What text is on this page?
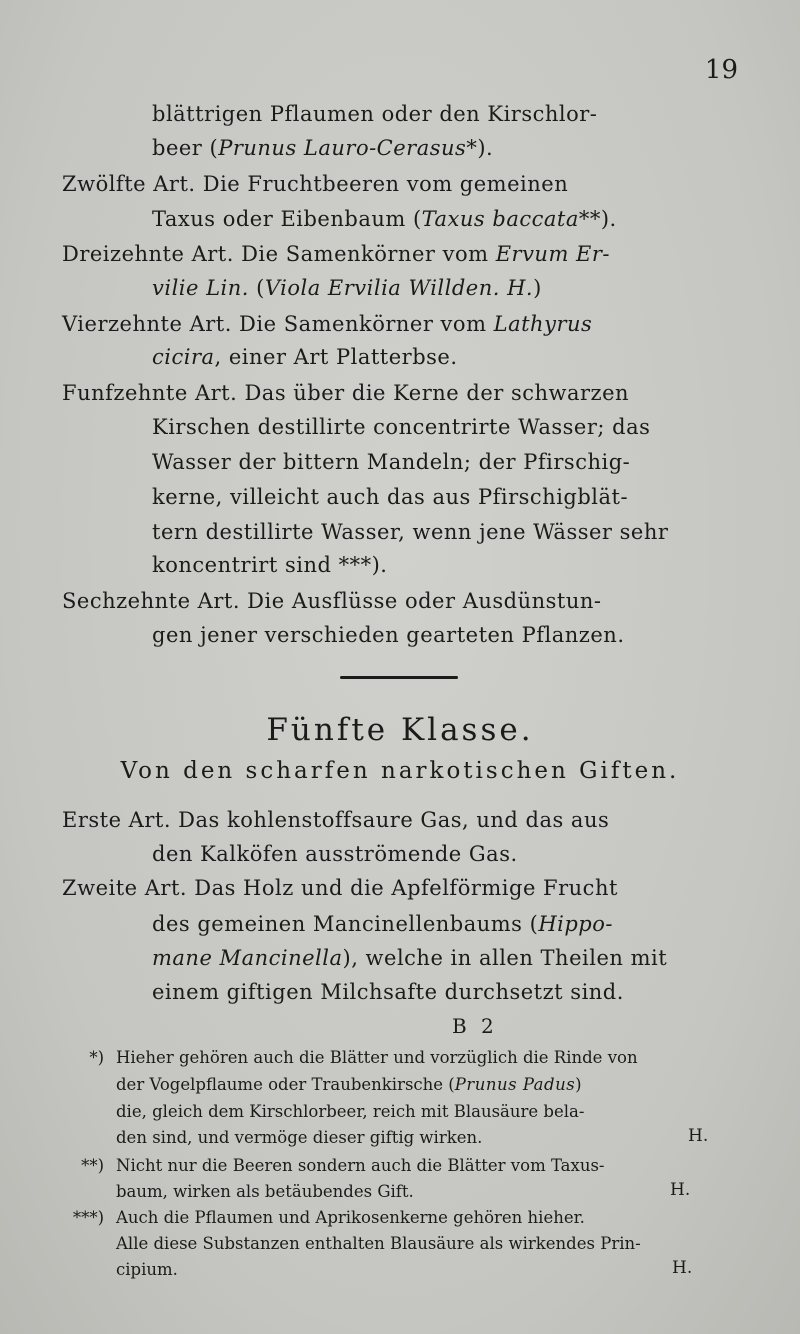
19
blättrigen Pflaumen oder den Kirschlor-
beer (Prunus Lauro-Cerasus*).
Zwölfte Art. Die Fruchtbeeren vom gemeinen
Taxus oder Eibenbaum (Taxus baccata**).
Dreizehnte Art. Die Samenkörner vom Ervum Er-
vilie Lin. (Viola Ervilia Willden. H.)
Vierzehnte Art. Die Samenkörner vom Lathyrus
cicira, einer Art Platterbse.
Funfzehnte Art. Das über die Kerne der schwarzen
Kirschen destillirte concentrirte Wasser; das
Wasser der bittern Mandeln; der Pfirschig-
kerne, villeicht auch das aus Pfirschigblät-
tern destillirte Wasser, wenn jene Wässer sehr
koncentrirt sind ***).
Sechzehnte Art. Die Ausflüsse oder Ausdünstun-
gen jener verschieden gearteten Pflanzen.
Fünfte Klasse.
Von den scharfen narkotischen Giften.
Erste Art. Das kohlenstoffsaure Gas, und das aus
den Kalköfen ausströmende Gas.
Zweite Art. Das Holz und die Apfelförmige Frucht
des gemeinen Mancinellenbaums (Hippo-
mane Mancinella), welche in allen Theilen mit
einem giftigen Milchsafte durchsetzt sind.
B 2
*) Hieher gehören auch die Blätter und vorzüglich die Rinde von
der Vogelpflaume oder Traubenkirsche (Prunus Padus)
die, gleich dem Kirschlorbeer, reich mit Blausäure bela-
den sind, und vermöge dieser giftig wirken.	H.
**) Nicht nur die Beeren sondern auch die Blätter vom Taxus-
baum, wirken als betäubendes Gift.	H.
***) Auch die Pflaumen und Aprikosenkerne gehören hieher.
Alle diese Substanzen enthalten Blausäure als wirkendes Prin-
cipium.	H.
